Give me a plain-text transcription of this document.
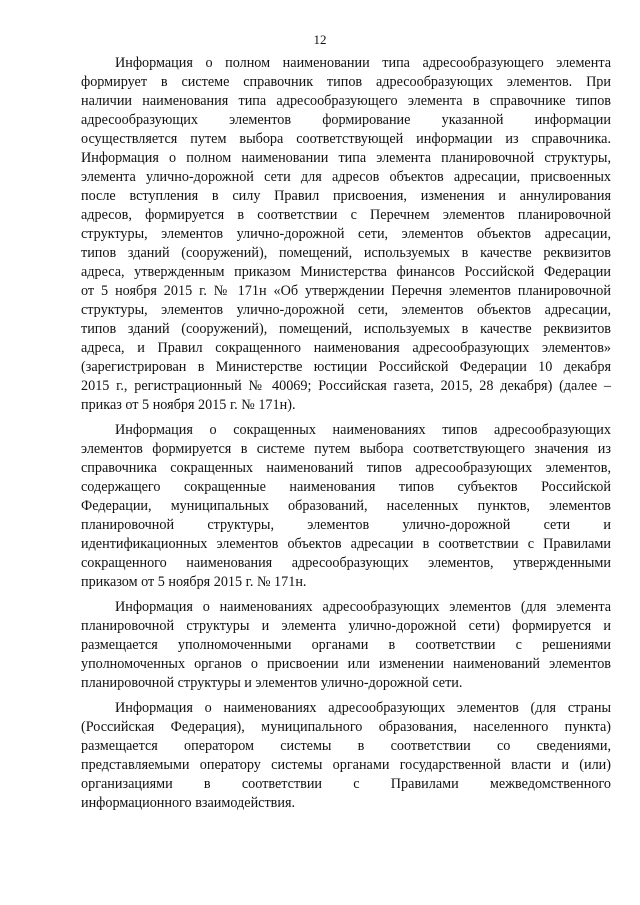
12
Информация о полном наименовании типа адресообразующего элемента
формирует в системе справочник типов адресообразующих элементов. При
наличии наименования типа адресообразующего элемента в справочнике типов
адресообразующих элементов формирование указанной информации
осуществляется путем выбора соответствующей информации из справочника.
Информация о полном наименовании типа элемента планировочной структуры,
элемента улично-дорожной сети для адресов объектов адресации, присвоенных
после вступления в силу Правил присвоения, изменения и аннулирования
адресов, формируется в соответствии с Перечнем элементов планировочной
структуры, элементов улично-дорожной сети, элементов объектов адресации,
типов зданий (сооружений), помещений, используемых в качестве реквизитов
адреса, утвержденным приказом Министерства финансов Российской Федерации
от 5 ноября 2015 г. № 171н «Об утверждении Перечня элементов планировочной
структуры, элементов улично-дорожной сети, элементов объектов адресации,
типов зданий (сооружений), помещений, используемых в качестве реквизитов
адреса, и Правил сокращенного наименования адресообразующих элементов»
(зарегистрирован в Министерстве юстиции Российской Федерации 10 декабря
2015 г., регистрационный № 40069; Российская газета, 2015, 28 декабря) (далее –
приказ от 5 ноября 2015 г. № 171н).
Информация о сокращенных наименованиях типов адресообразующих
элементов формируется в системе путем выбора соответствующего значения из
справочника сокращенных наименований типов адресообразующих элементов,
содержащего сокращенные наименования типов субъектов Российской
Федерации, муниципальных образований, населенных пунктов, элементов
планировочной структуры, элементов улично-дорожной сети и
идентификационных элементов объектов адресации в соответствии с Правилами
сокращенного наименования адресообразующих элементов, утвержденными
приказом от 5 ноября 2015 г. № 171н.
Информация о наименованиях адресообразующих элементов (для элемента
планировочной структуры и элемента улично-дорожной сети) формируется и
размещается уполномоченными органами в соответствии с решениями
уполномоченных органов о присвоении или изменении наименований элементов
планировочной структуры и элементов улично-дорожной сети.
Информация о наименованиях адресообразующих элементов (для страны
(Российская Федерация), муниципального образования, населенного пункта)
размещается оператором системы в соответствии со сведениями,
представляемыми оператору системы органами государственной власти и (или)
организациями в соответствии с Правилами межведомственного
информационного взаимодействия.
